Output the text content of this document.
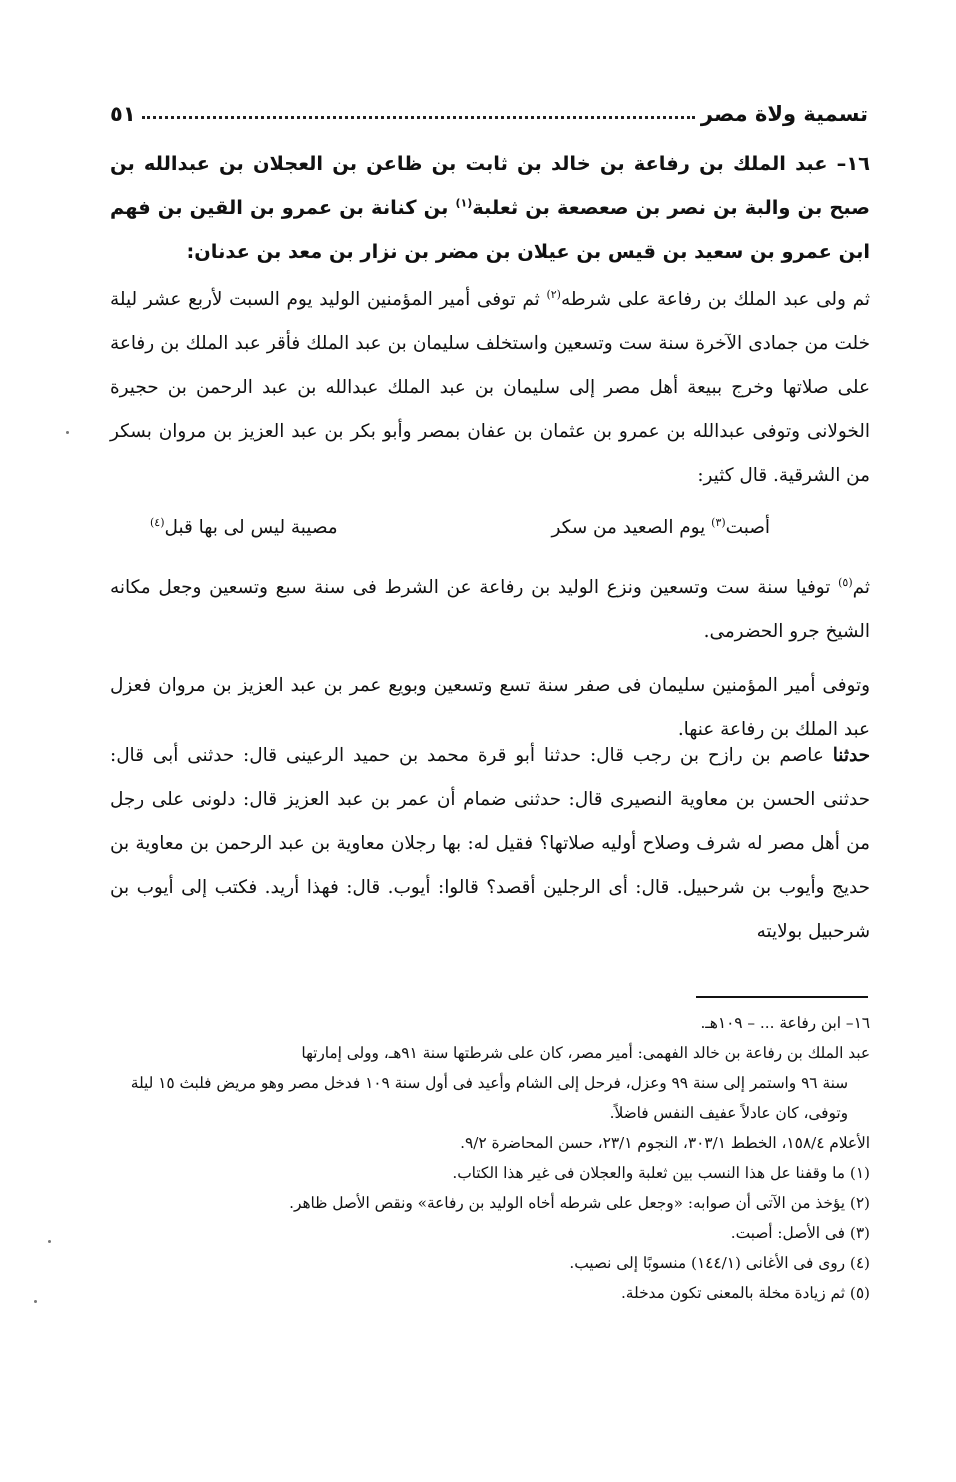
تسمية ولاة مصر
٥١
١٦– عبد الملك بن رفاعة بن خالد بن ثابت بن ظاعن بن العجلان بن عبدالله بن صبح بن والبة بن نصر بن صعصعة بن ثعلبة$^{(١)}$ بن كنانة بن عمرو بن القين بن فهم ابن عمرو بن سعيد بن قيس بن عيلان بن مضر بن نزار بن معد بن عدنان:
ثم ولى عبد الملك بن رفاعة على شرطه$^{(٢)}$ ثم توفى أمير المؤمنين الوليد يوم السبت لأربع عشر ليلة خلت من جمادى الآخرة سنة ست وتسعين واستخلف سليمان بن عبد الملك فأقر عبد الملك بن رفاعة على صلاتها وخرج ببيعة أهل مصر إلى سليمان بن عبد الملك عبدالله بن عبد الرحمن بن حجيرة الخولانى وتوفى عبدالله بن عمرو بن عثمان بن عفان بمصر وأبو بكر بن عبد العزيز بن مروان بسكر من الشرقية. قال كثير:
أصبت$^{(٣)}$ يوم الصعيد من سكر
مصيبة ليس لى بها قبل$^{(٤)}$
ثم$^{(٥)}$ توفيا سنة ست وتسعين ونزع الوليد بن رفاعة عن الشرط فى سنة سبع وتسعين وجعل مكانه الشيخ جرو الحضرمى.
وتوفى أمير المؤمنين سليمان فى صفر سنة تسع وتسعين وبويع عمر بن عبد العزيز بن مروان فعزل عبد الملك بن رفاعة عنها.
حدثنا عاصم بن رازح بن رجب قال: حدثنا أبو قرة محمد بن حميد الرعينى قال: حدثنى أبى قال: حدثنى الحسن بن معاوية النصيرى قال: حدثنى ضمام أن عمر بن عبد العزيز قال: دلونى على رجل من أهل مصر له شرف وصلاح أوليه صلاتها؟ فقيل له: بها رجلان معاوية بن عبد الرحمن بن معاوية بن حديج وأيوب بن شرحبيل. قال: أى الرجلين أقصد؟ قالوا: أيوب. قال: فهذا أريد. فكتب إلى أيوب بن شرحبيل بولايته

١٦– ابن رفاعة ... – ١٠٩هـ.

عبد الملك بن رفاعة بن خالد الفهمى: أمير مصر، كان على شرطتها سنة ٩١هـ، وولى إمارتها
سنة ٩٦ واستمر إلى سنة ٩٩ وعزل، فرحل إلى الشام وأعيد فى أول سنة ١٠٩ فدخل مصر وهو مريض فلبث ١٥ ليلة وتوفى، كان عادلاً عفيف النفس فاضلاً.

الأعلام ١٥٨/٤، الخطط ٣٠٣/١، النجوم ٢٣/١، حسن المحاضرة ٩/٢.

(١) ما وقفنا عل هذا النسب بين ثعلبة والعجلان فى غير هذا الكتاب.

(٢) يؤخذ من الآتى أن صوابه: «وجعل على شرطه أخاه الوليد بن رفاعة» ونقص الأصل ظاهر.

(٣) فى الأصل: أصبت.

(٤) روى فى الأغانى (١٤٤/١) منسوبًا إلى نصيب.

(٥) ثم زيادة مخلة بالمعنى تكون مدخلة.
